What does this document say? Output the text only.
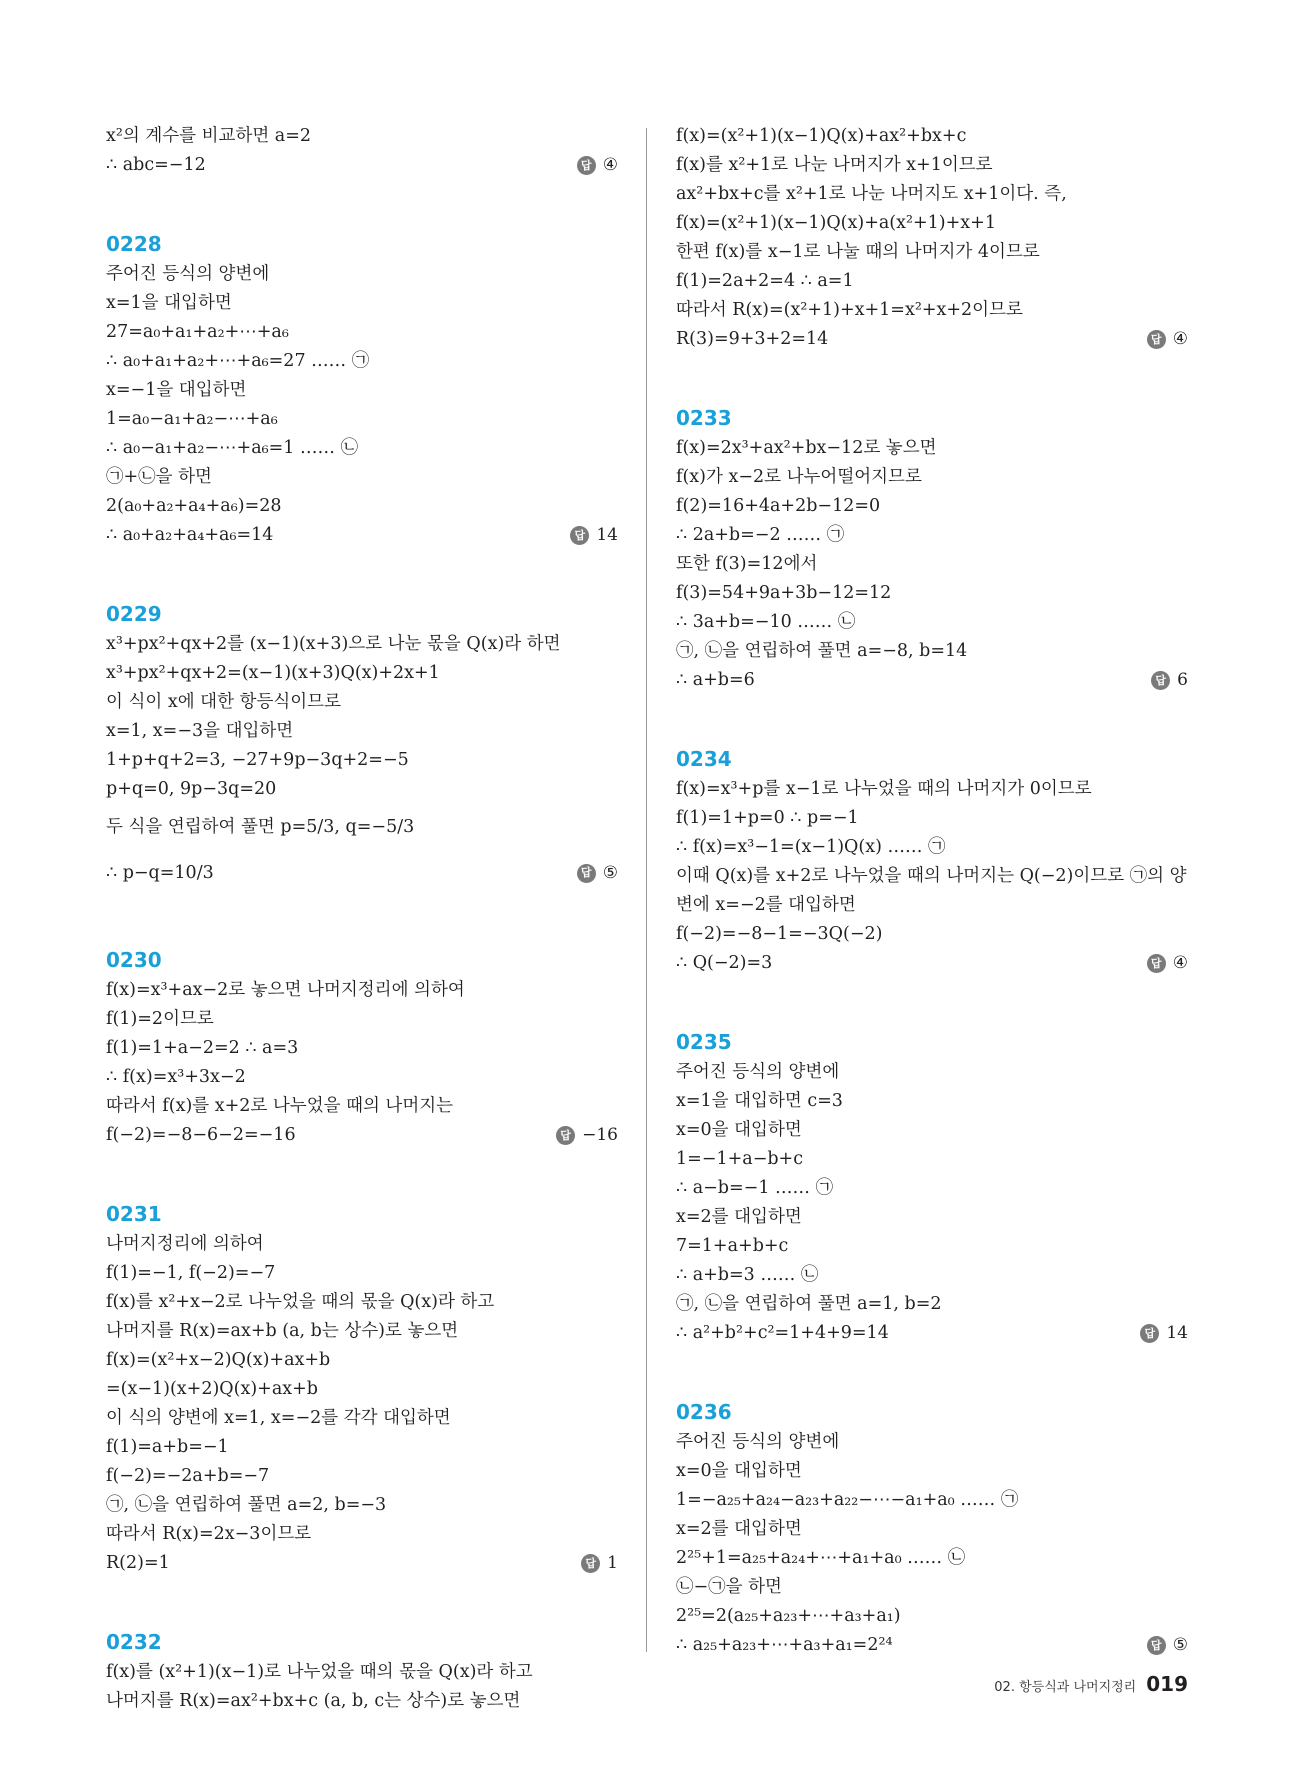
x²의 계수를 비교하면 a=2
∴ abc=−12	답 ④
0228
주어진 등식의 양변에
x=1을 대입하면
27=a₀+a₁+a₂+⋯+a₆
∴ a₀+a₁+a₂+⋯+a₆=27 …… ㉠
x=−1을 대입하면
1=a₀−a₁+a₂−⋯+a₆
∴ a₀−a₁+a₂−⋯+a₆=1 …… ㉡
㉠+㉡을 하면
2(a₀+a₂+a₄+a₆)=28
∴ a₀+a₂+a₄+a₆=14	답 14
0229
x³+px²+qx+2를 (x−1)(x+3)으로 나눈 몫을 Q(x)라 하면
x³+px²+qx+2=(x−1)(x+3)Q(x)+2x+1
이 식이 x에 대한 항등식이므로
x=1, x=−3을 대입하면
1+p+q+2=3, −27+9p−3q+2=−5
p+q=0, 9p−3q=20
두 식을 연립하여 풀면 p=5/3, q=−5/3
∴ p−q=10/3	답 ⑤
0230
f(x)=x³+ax−2로 놓으면 나머지정리에 의하여
f(1)=2이므로
f(1)=1+a−2=2 ∴ a=3
∴ f(x)=x³+3x−2
따라서 f(x)를 x+2로 나누었을 때의 나머지는
f(−2)=−8−6−2=−16	답 −16
0231
나머지정리에 의하여
f(1)=−1, f(−2)=−7
f(x)를 x²+x−2로 나누었을 때의 몫을 Q(x)라 하고
나머지를 R(x)=ax+b (a, b는 상수)로 놓으면
f(x)=(x²+x−2)Q(x)+ax+b
=(x−1)(x+2)Q(x)+ax+b
이 식의 양변에 x=1, x=−2를 각각 대입하면
f(1)=a+b=−1
f(−2)=−2a+b=−7
㉠, ㉡을 연립하여 풀면 a=2, b=−3
따라서 R(x)=2x−3이므로
R(2)=1	답 1
0232
f(x)를 (x²+1)(x−1)로 나누었을 때의 몫을 Q(x)라 하고
나머지를 R(x)=ax²+bx+c (a, b, c는 상수)로 놓으면
f(x)=(x²+1)(x−1)Q(x)+ax²+bx+c
f(x)를 x²+1로 나눈 나머지가 x+1이므로
ax²+bx+c를 x²+1로 나눈 나머지도 x+1이다. 즉,
f(x)=(x²+1)(x−1)Q(x)+a(x²+1)+x+1
한편 f(x)를 x−1로 나눌 때의 나머지가 4이므로
f(1)=2a+2=4 ∴ a=1
따라서 R(x)=(x²+1)+x+1=x²+x+2이므로
R(3)=9+3+2=14	답 ④
0233
f(x)=2x³+ax²+bx−12로 놓으면
f(x)가 x−2로 나누어떨어지므로
f(2)=16+4a+2b−12=0
∴ 2a+b=−2 …… ㉠
또한 f(3)=12에서
f(3)=54+9a+3b−12=12
∴ 3a+b=−10 …… ㉡
㉠, ㉡을 연립하여 풀면 a=−8, b=14
∴ a+b=6	답 6
0234
f(x)=x³+p를 x−1로 나누었을 때의 나머지가 0이므로
f(1)=1+p=0 ∴ p=−1
∴ f(x)=x³−1=(x−1)Q(x) …… ㉠
이때 Q(x)를 x+2로 나누었을 때의 나머지는 Q(−2)이므로 ㉠의 양
변에 x=−2를 대입하면
f(−2)=−8−1=−3Q(−2)
∴ Q(−2)=3	답 ④
0235
주어진 등식의 양변에
x=1을 대입하면 c=3
x=0을 대입하면
1=−1+a−b+c
∴ a−b=−1 …… ㉠
x=2를 대입하면
7=1+a+b+c
∴ a+b=3 …… ㉡
㉠, ㉡을 연립하여 풀면 a=1, b=2
∴ a²+b²+c²=1+4+9=14	답 14
0236
주어진 등식의 양변에
x=0을 대입하면
1=−a₂₅+a₂₄−a₂₃+a₂₂−⋯−a₁+a₀ …… ㉠
x=2를 대입하면
2²⁵+1=a₂₅+a₂₄+⋯+a₁+a₀ …… ㉡
㉡−㉠을 하면
2²⁵=2(a₂₅+a₂₃+⋯+a₃+a₁)
∴ a₂₅+a₂₃+⋯+a₃+a₁=2²⁴	답 ⑤
02. 항등식과 나머지정리 019
